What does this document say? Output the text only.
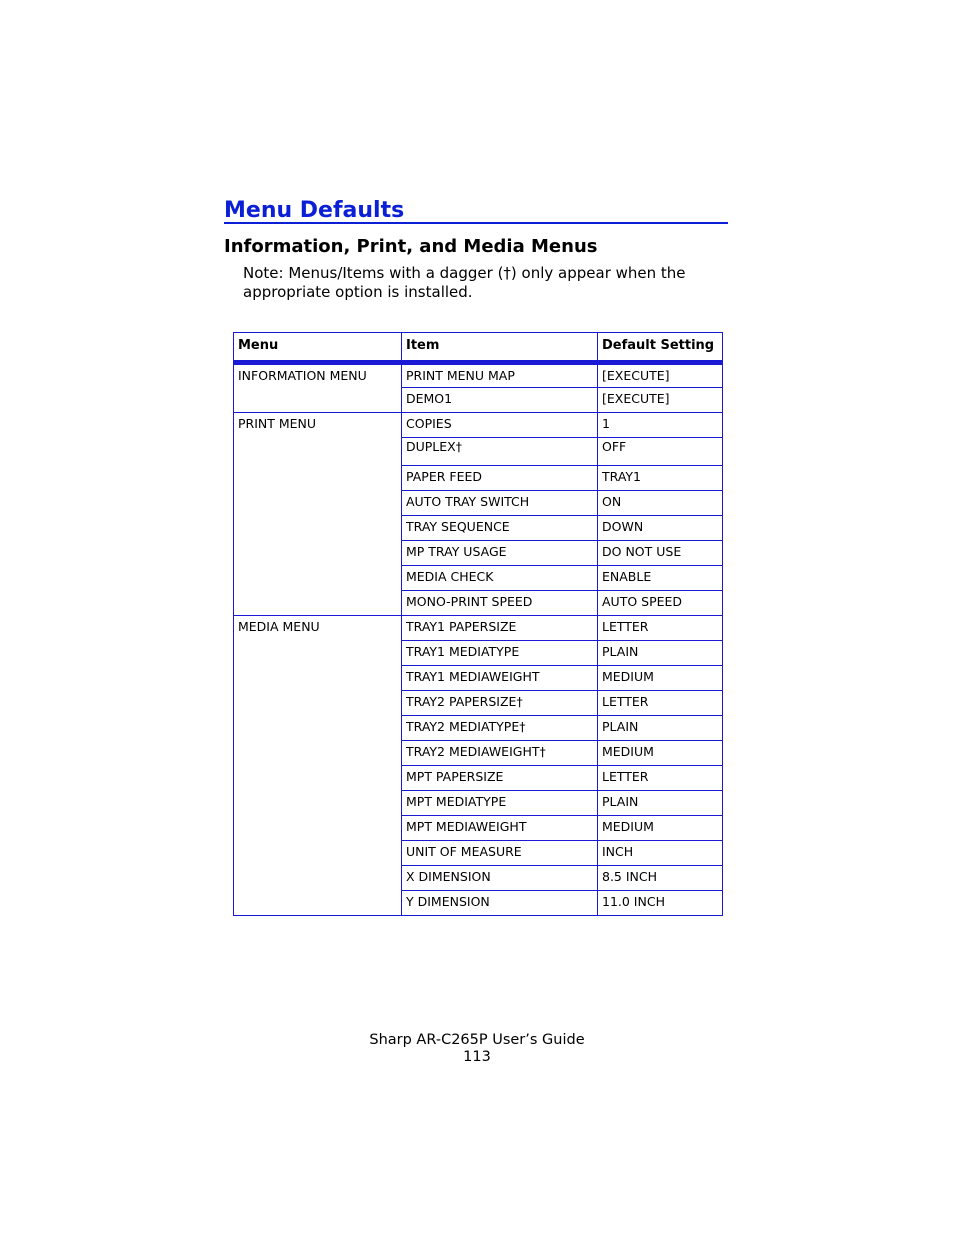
Menu Defaults
Information, Print, and Media Menus

Note: Menus/Items with a dagger (†) only appear when the appropriate option is installed.

Menu	Item	Default Setting
INFORMATION MENU	PRINT MENU MAP	[EXECUTE]
	DEMO1	[EXECUTE]
PRINT MENU	COPIES	1
	DUPLEX†	OFF
	PAPER FEED	TRAY1
	AUTO TRAY SWITCH	ON
	TRAY SEQUENCE	DOWN
	MP TRAY USAGE	DO NOT USE
	MEDIA CHECK	ENABLE
	MONO-PRINT SPEED	AUTO SPEED
MEDIA MENU	TRAY1 PAPERSIZE	LETTER
	TRAY1 MEDIATYPE	PLAIN
	TRAY1 MEDIAWEIGHT	MEDIUM
	TRAY2 PAPERSIZE†	LETTER
	TRAY2 MEDIATYPE†	PLAIN
	TRAY2 MEDIAWEIGHT†	MEDIUM
	MPT PAPERSIZE	LETTER
	MPT MEDIATYPE	PLAIN
	MPT MEDIAWEIGHT	MEDIUM
	UNIT OF MEASURE	INCH
	X DIMENSION	8.5 INCH
	Y DIMENSION	11.0 INCH
Sharp AR-C265P User’s Guide
113
